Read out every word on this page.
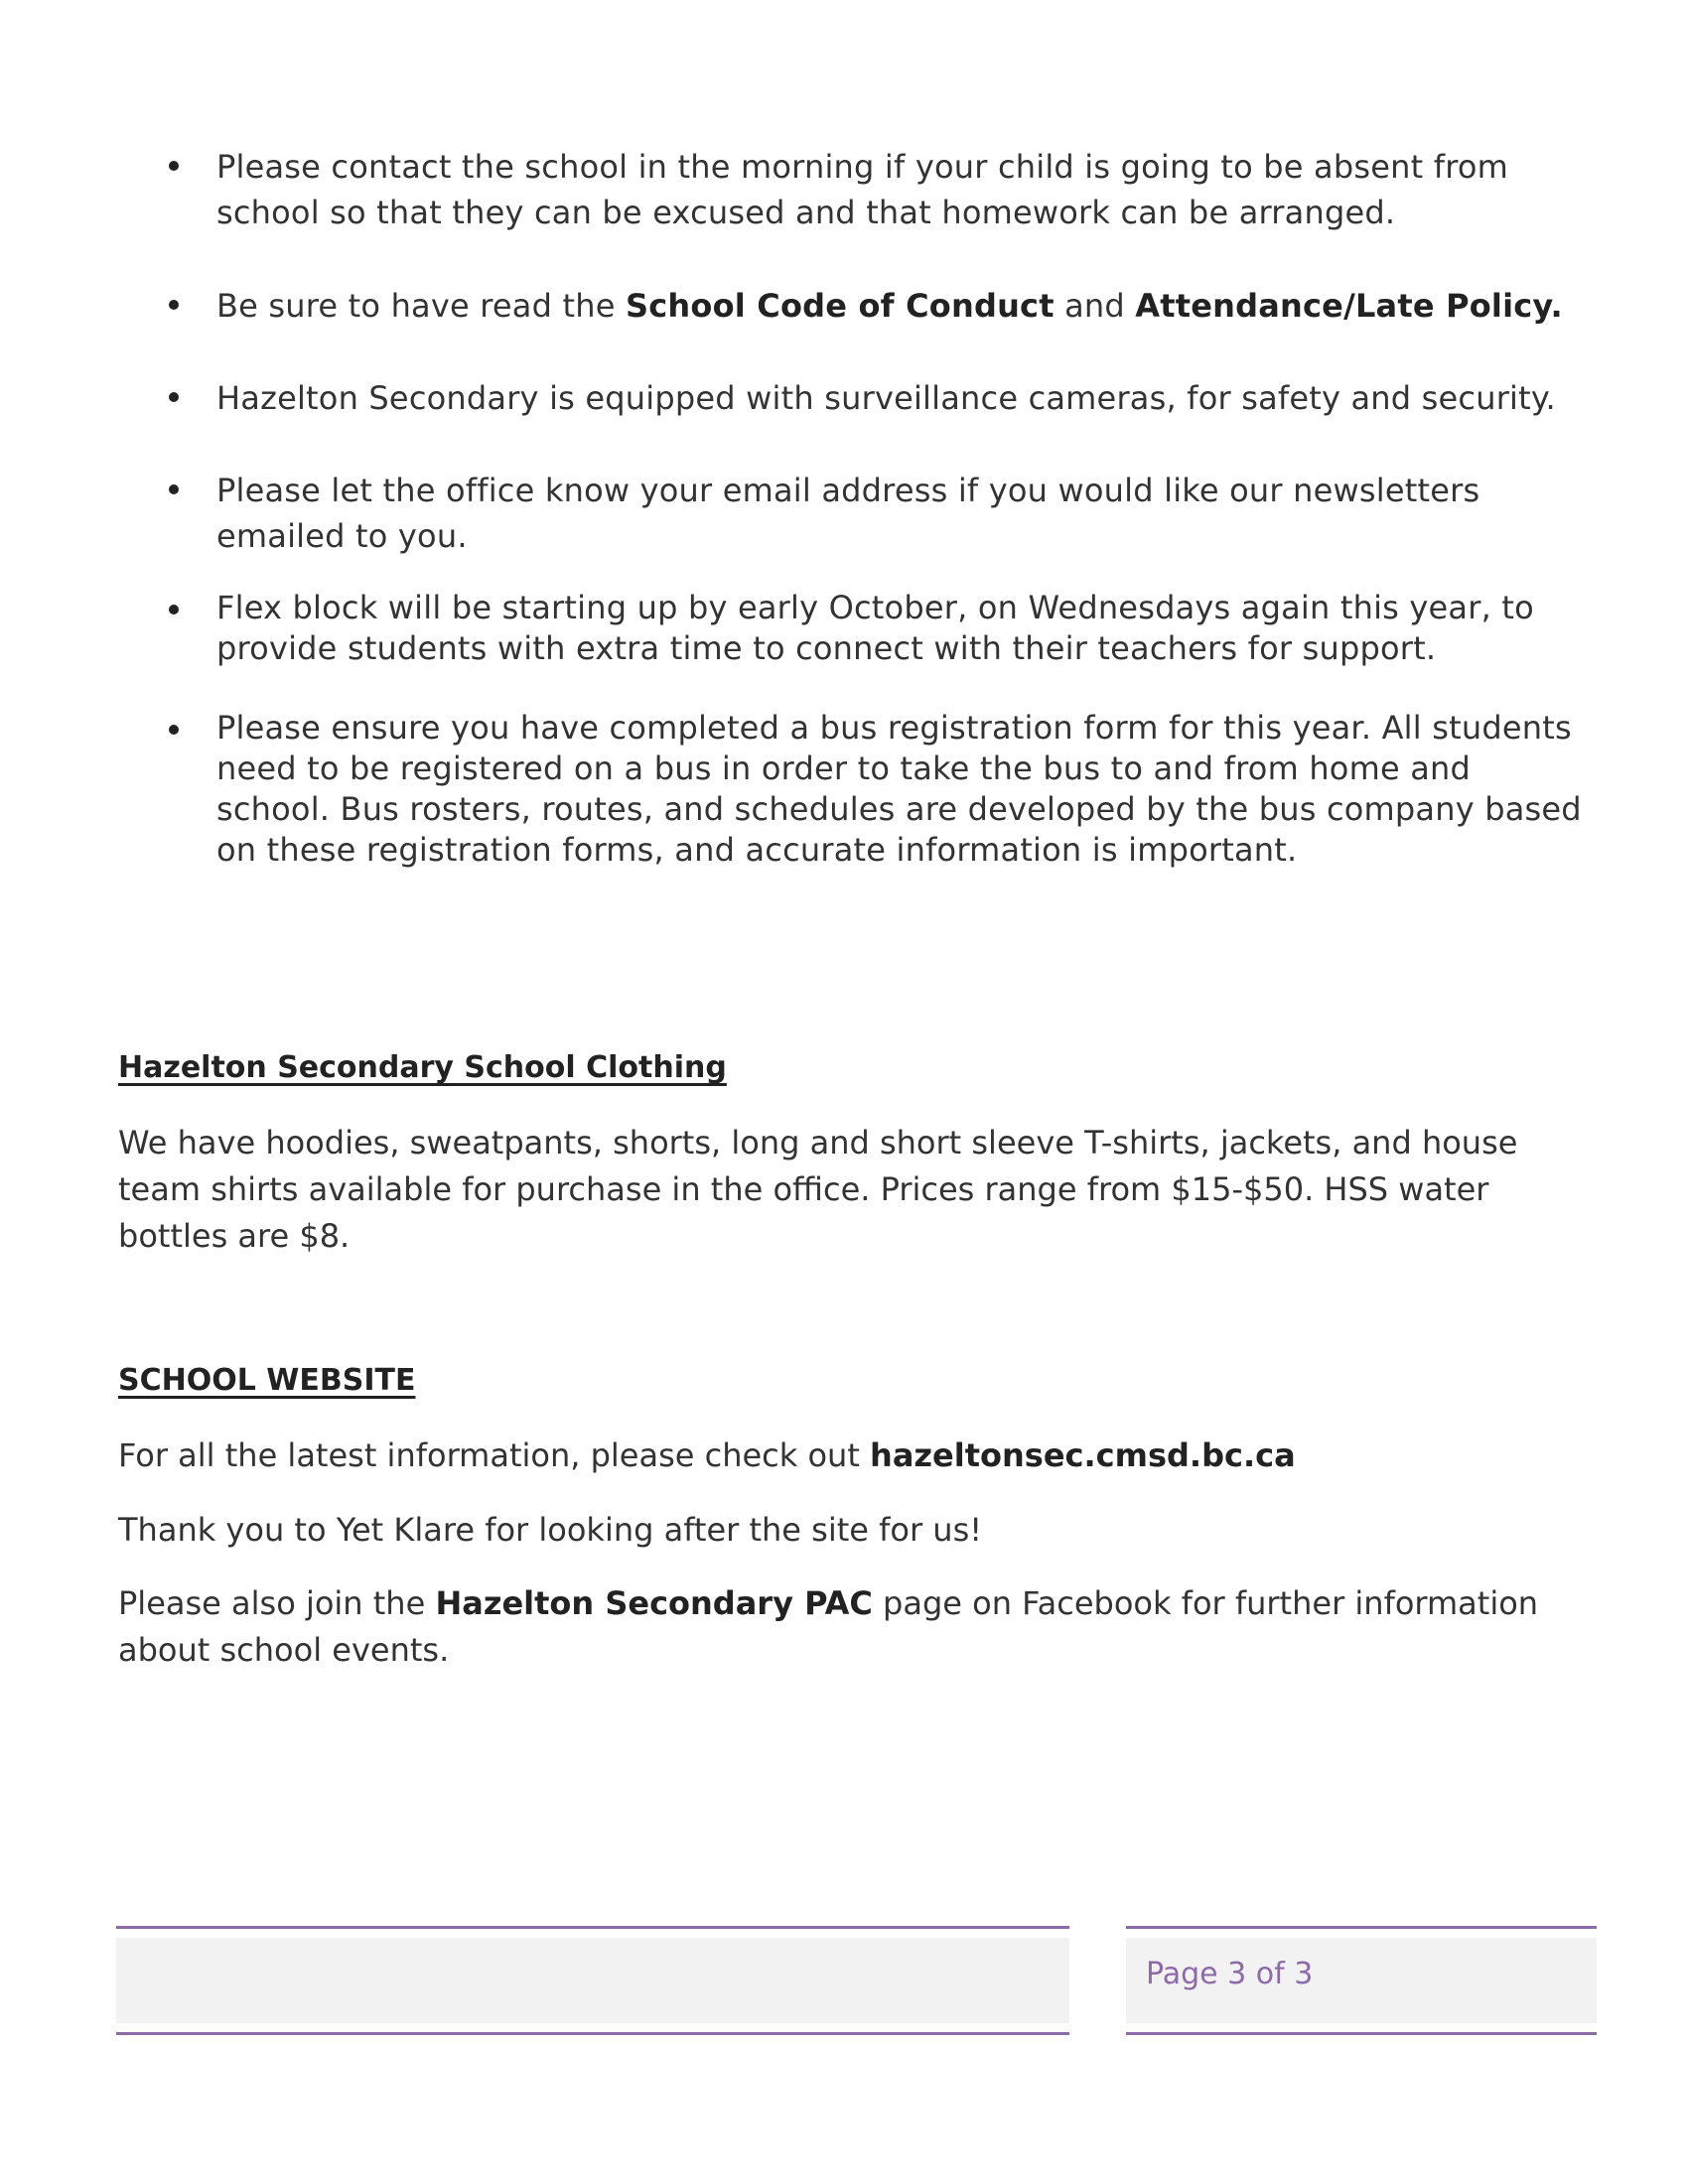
Please contact the school in the morning if your child is going to be absent from school so that they can be excused and that homework can be arranged.
Be sure to have read the School Code of Conduct and Attendance/Late Policy.
Hazelton Secondary is equipped with surveillance cameras, for safety and security.
Please let the office know your email address if you would like our newsletters emailed to you.
Flex block will be starting up by early October, on Wednesdays again this year, to provide students with extra time to connect with their teachers for support.
Please ensure you have completed a bus registration form for this year. All students need to be registered on a bus in order to take the bus to and from home and school. Bus rosters, routes, and schedules are developed by the bus company based on these registration forms, and accurate information is important.
Hazelton Secondary School Clothing
We have hoodies, sweatpants, shorts, long and short sleeve T-shirts, jackets, and house team shirts available for purchase in the office. Prices range from $15-$50. HSS water bottles are $8.
SCHOOL WEBSITE
For all the latest information, please check out hazeltonsec.cmsd.bc.ca
Thank you to Yet Klare for looking after the site for us!
Please also join the Hazelton Secondary PAC page on Facebook for further information about school events.
Page 3 of 3
